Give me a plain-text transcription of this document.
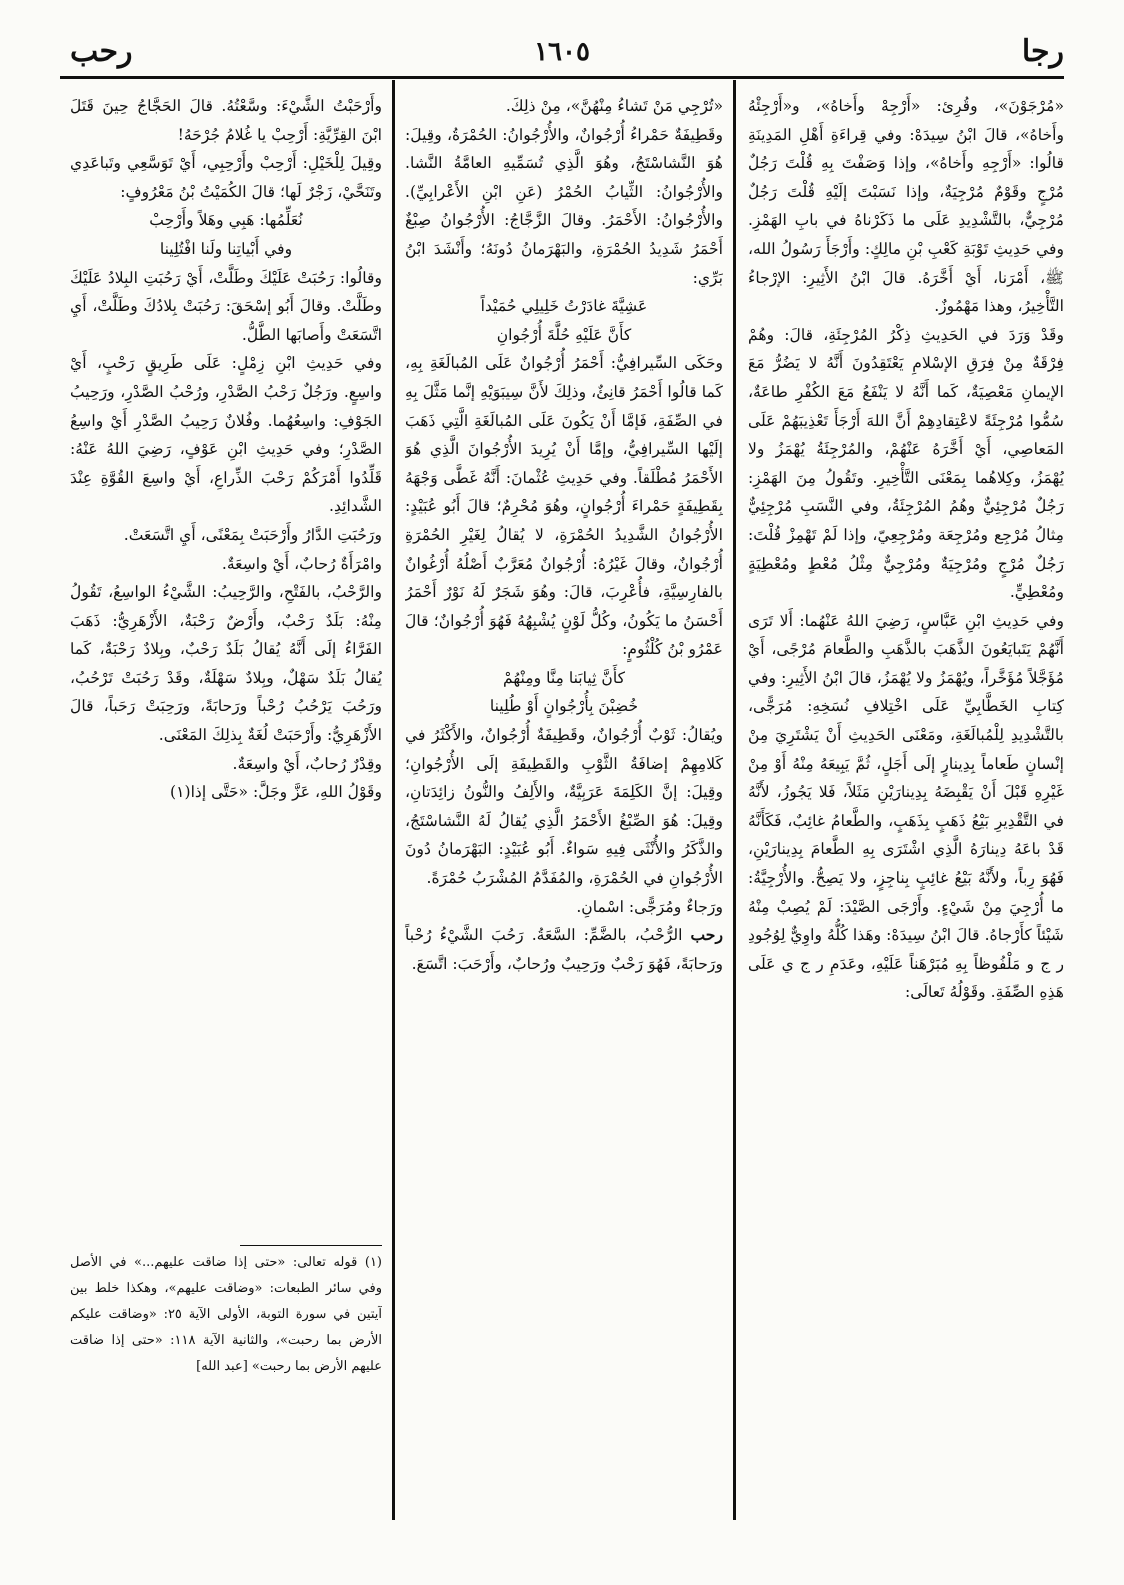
رجا
١٦٠٥
رحب

«مُرْجَوْنَ»، وقُرِئ: «أَرْجِهْ وأَخاهُ»، و«أَرْجِئْهُ وأَخاهُ»، قالَ ابْنُ سِيدَهْ: وفي قِراءَةِ أَهْلِ المَدِينَةِ قالُوا: «أَرْجِهِ وأَخاهُ»، وإذا وَصَفْتَ بِهِ قُلْتَ رَجُلٌ مُرْجٍ وقَوْمٌ مُرْجِيَةٌ، وإذا نَسَبْتَ إلَيْهِ قُلْتَ رَجُلٌ مُرْجِيٌّ، بالتَّشْدِيدِ عَلَى ما ذَكَرْناهُ في بابِ الهَمْزِ. وفي حَدِيثِ تَوْبَةِ كَعْبِ بْنِ مالِكٍ: وأَرْجَأَ رَسُولُ الله، ﷺ، أَمْرَنا، أَيْ أَخَّرَهُ. قالَ ابْنُ الأَثِيرِ: الإرْجاءُ التَّأْخِيرُ، وهذا مَهْمُوزٌ.

وقَدْ وَرَدَ في الحَدِيثِ ذِكْرُ المُرْجِئَةِ، قالَ: وهُمْ فِرْقَةٌ مِنْ فِرَقِ الإسْلامِ يَعْتَقِدُونَ أَنَّهُ لا يَضُرُّ مَعَ الإيمانِ مَعْصِيَةٌ، كَما أَنَّهُ لا يَنْفَعُ مَعَ الكُفْرِ طاعَةٌ، سُمُّوا مُرْجِئَةً لاعْتِقادِهِمْ أَنَّ اللهَ أَرْجَأَ تَعْذِيبَهُمْ عَلَى المَعاصِي، أَيْ أَخَّرَهُ عَنْهُمْ، والمُرْجِئَةُ يُهْمَزُ ولا يُهْمَزُ، وكِلاهُما بِمَعْنَى التَّأْخِيرِ. وتَقُولُ مِنَ الهَمْزِ: رَجُلٌ مُرْجِئِيٌّ وهُمُ المُرْجِئَةُ، وفي النَّسَبِ مُرْجِئِيٌّ مِثالُ مُرْجِع ومُرْجِعَة ومُرْجِعِيّ، وإذا لَمْ تَهْمِزْ قُلْتَ: رَجُلٌ مُرْجٍ ومُرْجِيَةٌ ومُرْجِيٌّ مِثْلُ مُعْطٍ ومُعْطِيَةٍ ومُعْطِيٍّ.

وفي حَدِيثِ ابْنِ عَبَّاسٍ، رَضِيَ اللهُ عَنْهُما: أَلا تَرَى أَنَّهُمْ يَتَبايَعُونَ الذَّهَبَ بالذَّهَبِ والطَّعامَ مُرْجًى، أَيْ مُؤَجَّلاً مُؤَخَّراً، ويُهْمَزُ ولا يُهْمَزُ، قالَ ابْنُ الأَثِيرِ: وفي كِتابِ الخَطَّابِيِّ عَلَى اخْتِلافِ نُسَخِهِ: مُرَجًّى، بالتَّشْدِيدِ لِلْمُبالَغَةِ، ومَعْنَى الحَدِيثِ أَنْ يَشْتَرِيَ مِنْ إنْسانٍ طَعاماً بِدِينارٍ إلَى أَجَلٍ، ثُمَّ يَبِيعَهُ مِنْهُ أَوْ مِنْ غَيْرِهِ قَبْلَ أَنْ يَقْبِضَهُ بِدِينارَيْنِ مَثَلاً، فَلا يَجُوزُ، لأَنَّهُ في التَّقْدِيرِ بَيْعُ ذَهَبٍ بِذَهَبٍ، والطَّعامُ غائِبٌ، فَكَأَنَّهُ قَدْ باعَهُ دِينارَهُ الَّذِي اشْتَرَى بِهِ الطَّعامَ بِدِينارَيْنِ، فَهُوَ رِباً، ولأَنَّهُ بَيْعُ غائِبٍ بِناجِزٍ، ولا يَصِحُّ. والأُرْجِيَّةُ: ما أُرْجِيَ مِنْ شَيْءٍ. وأَرْجَى الصَّيْدَ: لَمْ يُصِبْ مِنْهُ شَيْئاً كأَرْجاهُ. قالَ ابْنُ سِيدَهْ: وهَذا كُلُّهُ واوِيٌّ لِوُجُودِ ر ج و مَلْفُوظاً بِهِ مُبَرْهَناً عَلَيْهِ، وعَدَمِ ر ج ي عَلَى هَذِهِ الصِّفَةِ. وقَوْلُهُ تَعالَى:

«تُرْجِي مَنْ تَشاءُ مِنْهُنَّ»، مِنْ ذلِكَ.

وقَطِيفَةٌ حَمْراءُ أُرْجُوانٌ، والأُرْجُوانُ: الحُمْرَةُ، وقِيلَ: هُوَ النَّشاسْتَجُ، وهُوَ الَّذِي تُسَمِّيهِ العامَّةُ النَّشا. والأُرْجُوانُ: الثِّيابُ الحُمْرُ (عَنِ ابْنِ الأَعْرابِيِّ). والأُرْجُوانُ: الأَحْمَرُ. وقالَ الزَّجَّاجُ: الأُرْجُوانُ صِبْغٌ أَحْمَرُ شَدِيدُ الحُمْرَةِ، والبَهْرَمانُ دُونَهُ؛ وأَنْشَدَ ابْنُ بَرِّي:

عَشِيَّةَ غادَرْتُ خَلِيلِي حُمَيْداً

كأَنَّ عَلَيْهِ حُلَّةَ أُرْجُوانِ

وحَكَى السِّيرافِيُّ: أَحْمَرُ أُرْجُوانٌ عَلَى المُبالَغَةِ بِهِ، كَما قالُوا أَحْمَرُ قانِئٌ، وذلِكَ لأَنَّ سِيبَوَيْهِ إنَّما مَثَّلَ بِهِ في الصِّفَةِ، فَإمَّا أَنْ يَكُونَ عَلَى المُبالَغَةِ الَّتِي ذَهَبَ إلَيْها السِّيرافِيُّ، وإمَّا أَنْ يُرِيدَ الأُرْجُوانَ الَّذِي هُوَ الأَحْمَرُ مُطْلَقاً. وفي حَدِيثِ عُثْمانَ: أَنَّهُ غَطَّى وَجْهَهُ بِقَطِيفَةٍ حَمْراءَ أُرْجُوانٍ، وهُوَ مُحْرِمٌ؛ قالَ أَبُو عُبَيْدٍ: الأُرْجُوانُ الشَّدِيدُ الحُمْرَةِ، لا يُقالُ لِغَيْرِ الحُمْرَةِ أُرْجُوانٌ، وقالَ غَيْرُهُ: أُرْجُوانٌ مُعَرَّبٌ أَصْلُهُ أُرْغُوانٌ بالفارِسِيَّةِ، فأُعْرِبَ، قالَ: وهُوَ شَجَرٌ لَهُ نَوْرٌ أَحْمَرُ أَحْسَنُ ما يَكُونُ، وكُلُّ لَوْنٍ يُشْبِهُهُ فَهُوَ أُرْجُوانٌ؛ قالَ عَمْرُو بْنُ كُلْثُومٍ:

كأَنَّ ثِيابَنا مِنَّا ومِنْهُمْ

خُضِبْنَ بِأُرْجُوانٍ أَوْ طُلِينا

ويُقالُ: ثَوْبٌ أُرْجُوانٌ، وقَطِيفَةٌ أُرْجُوانٌ، والأَكْثَرُ في كَلامِهِمْ إضافَةُ الثَّوْبِ والقَطِيفَةِ إلَى الأُرْجُوانِ؛ وقِيلَ: إنَّ الكَلِمَةَ عَرَبِيَّةٌ، والأَلِفُ والنُّونُ زائِدَتانِ، وقِيلَ: هُوَ الصِّبْغُ الأَحْمَرُ الَّذِي يُقالُ لَهُ النَّشاسْتَجُ، والذَّكَرُ والأُنْثَى فِيهِ سَواءٌ. أَبُو عُبَيْدٍ: البَهْرَمانُ دُونَ الأُرْجُوانِ في الحُمْرَةِ، والمُفَدَّمُ المُشْرَبُ حُمْرَةً.

ورَجاءٌ ومُرَجًّى: اسْمانِ.

رحب الرُّحْبُ، بالضَّمِّ: السَّعَةُ. رَحُبَ الشَّيْءُ رُحْباً ورَحابَةً، فَهُوَ رَحْبٌ ورَحِيبٌ ورُحابٌ، وأَرْحَبَ: اتَّسَعَ.

وأَرْحَبْتُ الشَّيْءَ: وسَّعْتُهُ. قالَ الحَجَّاجُ حِينَ قَتَلَ ابْنَ القِرِّيَّةِ: أَرْحِبْ يا غُلامُ جُرْحَهُ!

وقِيلَ لِلْخَيْلِ: أَرْحِبْ وأَرْحِبِي، أَيْ تَوَسَّعِي وتَباعَدِي وتَنَحَّيْ، زَجْرٌ لَها؛ قالَ الكُمَيْتُ بْنُ مَعْرُوفٍ:

نُعَلِّمُها: هَبِي وهَلاً وأَرْحِبْ

وفي أَبْياتِنا ولَنا افْتُلِينا

وقالُوا: رَحُبَتْ عَلَيْكَ وطَلَّتْ، أَيْ رَحُبَتِ البِلادُ عَلَيْكَ وطَلَّتْ. وقالَ أَبُو إسْحَقَ: رَحُبَتْ بِلادُكَ وطَلَّتْ، أَيِ اتَّسَعَتْ وأَصابَها الطَّلُّ.

وفي حَدِيثِ ابْنِ زِمْلٍ: عَلَى طَرِيقٍ رَحْبٍ، أَيْ واسِعٍ. ورَجُلٌ رَحْبُ الصَّدْرِ، ورُحْبُ الصَّدْرِ، ورَحِيبُ الجَوْفِ: واسِعُهُما. وفُلانٌ رَحِيبُ الصَّدْرِ أَيْ واسِعُ الصَّدْرِ؛ وفي حَدِيثِ ابْنِ عَوْفٍ، رَضِيَ اللهُ عَنْهُ: قَلِّدُوا أَمْرَكُمْ رَحْبَ الذِّراعِ، أَيْ واسِعَ القُوَّةِ عِنْدَ الشَّدائِدِ.

ورَحُبَتِ الدَّارُ وأَرْحَبَتْ بِمَعْنًى، أَيِ اتَّسَعَتْ.

وامْرَأَةٌ رُحابٌ، أَيْ واسِعَةٌ.

والرَّحْبُ، بالفَتْحِ، والرَّحِيبُ: الشَّيْءُ الواسِعُ، تَقُولُ مِنْهُ: بَلَدٌ رَحْبٌ، وأَرْضٌ رَحْبَةٌ، الأَزْهَرِيُّ: ذَهَبَ الفَرَّاءُ إلَى أَنَّهُ يُقالُ بَلَدٌ رَحْبٌ، وبِلادٌ رَحْبَةٌ، كَما يُقالُ بَلَدٌ سَهْلٌ، وبِلادٌ سَهْلَةٌ، وقَدْ رَحُبَتْ تَرْحُبُ، ورَحُبَ يَرْحُبُ رُحْباً ورَحابَةً، ورَحِبَتْ رَحَباً، قالَ الأَزْهَرِيُّ: وأَرْحَبَتْ لُغَةٌ بِذلِكَ المَعْنَى.

وقِدْرٌ رُحابٌ، أَيْ واسِعَةٌ.

وقَوْلُ اللهِ، عَزَّ وجَلَّ: «حَتَّى إذا(١)

(١) قوله تعالى: «حتى إذا ضاقت عليهم...» في الأصل وفي سائر الطبعات: «وضاقت عليهم»، وهكذا خلط بين آيتين في سورة التوبة، الأولى الآية ٢٥: «وضاقت عليكم الأرض بما رحبت»، والثانية الآية ١١٨: «حتى إذا ضاقت عليهم الأرض بما رحبت» [عبد الله]
